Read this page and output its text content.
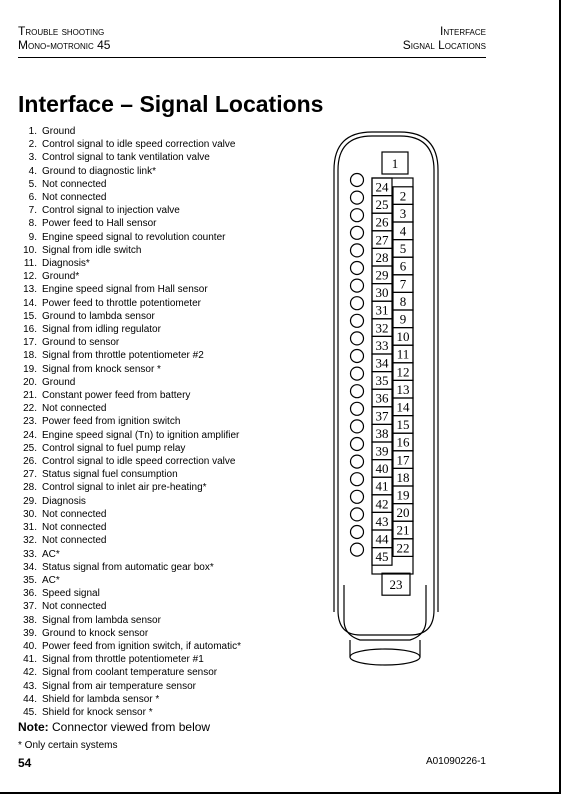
Trouble shooting
Mono-motronic 45
Interface
Signal Locations
Interface – Signal Locations
1. Ground
2. Control signal to idle speed correction valve
3. Control signal to tank ventilation valve
4. Ground to diagnostic link*
5. Not connected
6. Not connected
7. Control signal to injection valve
8. Power feed to Hall sensor
9. Engine speed signal to revolution counter
10. Signal from idle switch
11. Diagnosis*
12. Ground*
13. Engine speed signal from Hall sensor
14. Power feed to throttle potentiometer
15. Ground to lambda sensor
16. Signal from idling regulator
17. Ground to sensor
18. Signal from throttle potentiometer #2
19. Signal from knock sensor *
20. Ground
21. Constant power feed from battery
22. Not connected
23. Power feed from ignition switch
24. Engine speed signal (Tn) to ignition amplifier
25. Control signal to fuel pump relay
26. Control signal to idle speed correction valve
27. Status signal fuel consumption
28. Control signal to inlet air pre-heating*
29. Diagnosis
30. Not connected
31. Not connected
32. Not connected
33. AC*
34. Status signal from automatic gear box*
35. AC*
36. Speed signal
37. Not connected
38. Signal from lambda sensor
39. Ground to knock sensor
40. Power feed from ignition switch, if automatic*
41. Signal from throttle potentiometer #1
42. Signal from coolant temperature sensor
43. Signal from air temperature sensor
44. Shield for lambda sensor *
45. Shield for knock sensor *
Note: Connector viewed from below
* Only certain systems
54	A01090226-1
1
24
25
26
27
28
29
30
31
32
33
34
35
36
37
38
39
40
41
42
43
44
45
2
3
4
5
6
7
8
9
10
11
12
13
14
15
16
17
18
19
20
21
22
23
